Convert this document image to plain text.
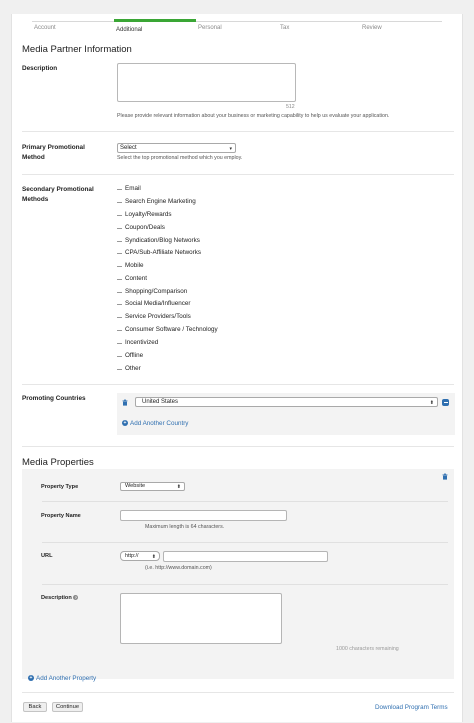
Account	Additional	Personal	Tax	Review
Media Partner Information
Description
512
Please provide relevant information about your business or marketing capability to help us evaluate your application.
Primary Promotional Method
Select	▾
Select the top promotional method which you employ.
Secondary Promotional Methods
Email
Search Engine Marketing
Loyalty/Rewards
Coupon/Deals
Syndication/Blog Networks
CPA/Sub-Affiliate Networks
Mobile
Content
Shopping/Comparison
Social Media/Influencer
Service Providers/Tools
Consumer Software / Technology
Incentivized
Offline
Other
Promoting Countries	United States	⬍
+ Add Another Country
Media Properties
Property Type	Website	⬍
Property Name
Maximum length is 64 characters.
URL	http://	⬍
(i.e. http://www.domain.com)
Description ?
1000 characters remaining
+ Add Another Property
Back	Continue	Download Program Terms
